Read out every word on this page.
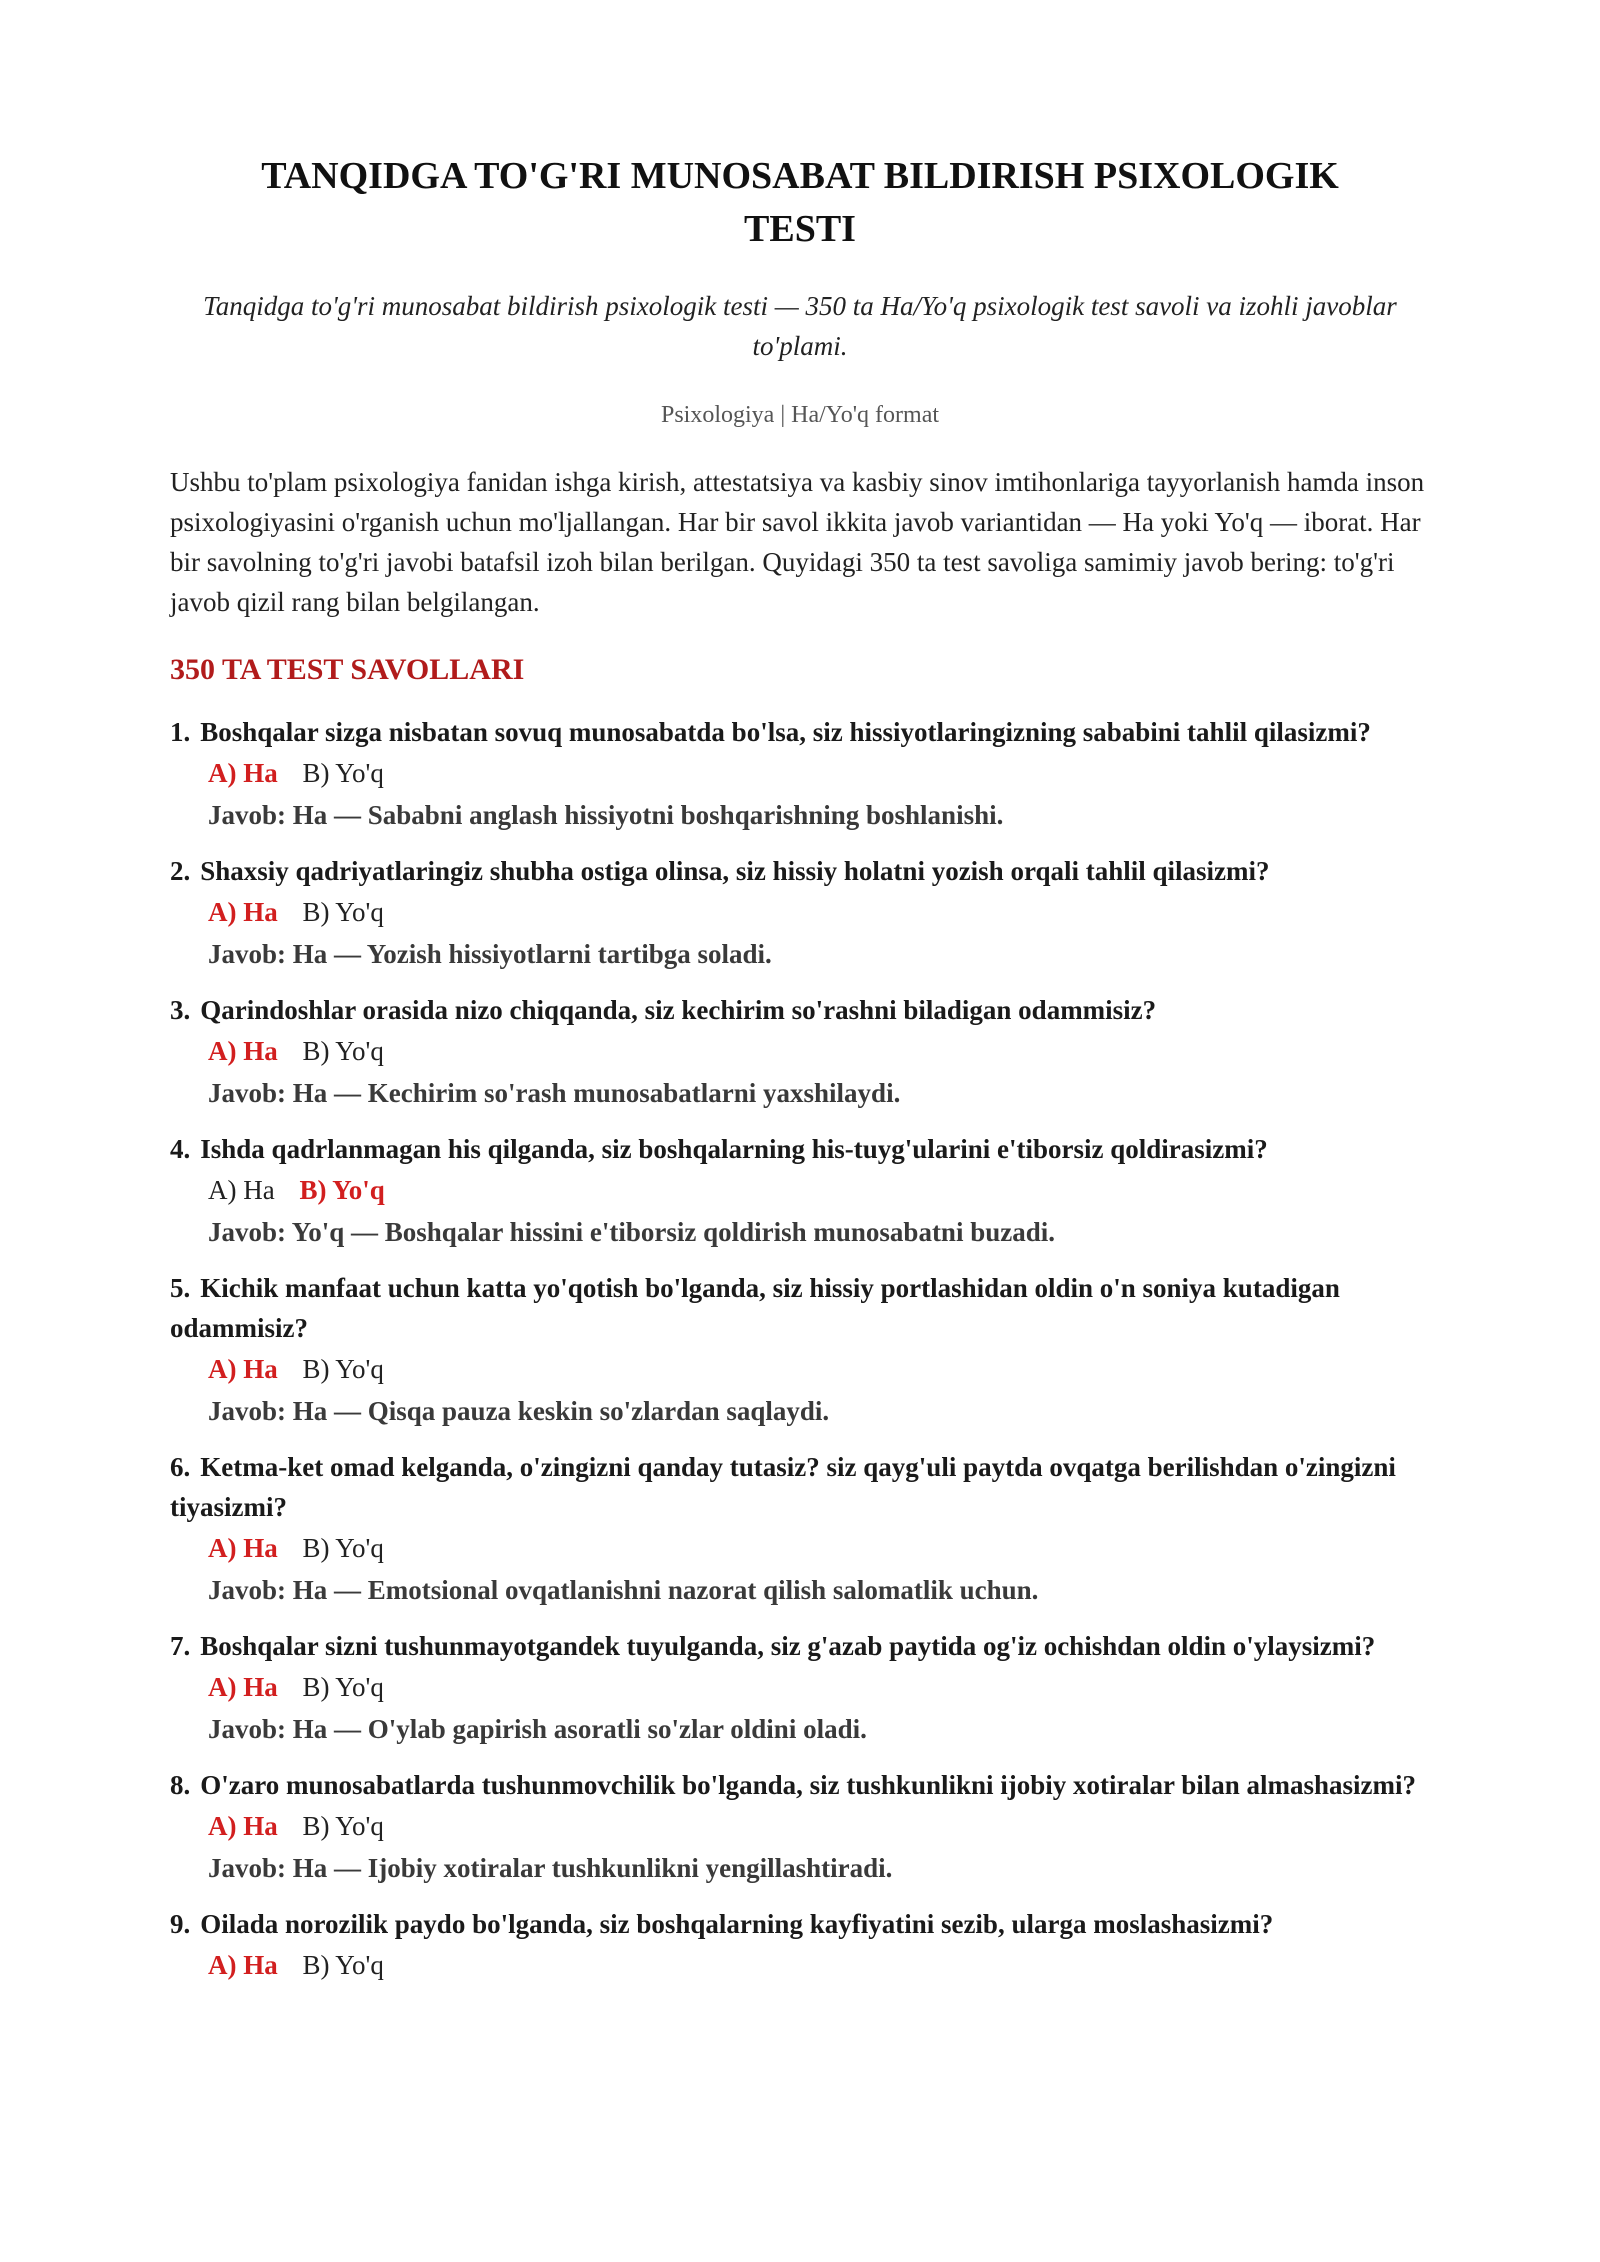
TANQIDGA TO'G'RI MUNOSABAT BILDIRISH PSIXOLOGIK TESTI

Tanqidga to'g'ri munosabat bildirish psixologik testi — 350 ta Ha/Yo'q psixologik test savoli va izohli javoblar to'plami.

Psixologiya | Ha/Yo'q format

Ushbu to'plam psixologiya fanidan ishga kirish, attestatsiya va kasbiy sinov imtihonlariga tayyorlanish hamda inson psixologiyasini o'rganish uchun mo'ljallangan. Har bir savol ikkita javob variantidan — Ha yoki Yo'q — iborat. Har bir savolning to'g'ri javobi batafsil izoh bilan berilgan. Quyidagi 350 ta test savoliga samimiy javob bering: to'g'ri javob qizil rang bilan belgilangan.

350 TA TEST SAVOLLARI
1. Boshqalar sizga nisbatan sovuq munosabatda bo'lsa, siz hissiyotlaringizning sababini tahlil qilasizmi?
A) Ha B) Yo'q
Javob: Ha — Sababni anglash hissiyotni boshqarishning boshlanishi.
2. Shaxsiy qadriyatlaringiz shubha ostiga olinsa, siz hissiy holatni yozish orqali tahlil qilasizmi?
A) Ha B) Yo'q
Javob: Ha — Yozish hissiyotlarni tartibga soladi.
3. Qarindoshlar orasida nizo chiqqanda, siz kechirim so'rashni biladigan odammisiz?
A) Ha B) Yo'q
Javob: Ha — Kechirim so'rash munosabatlarni yaxshilaydi.
4. Ishda qadrlanmagan his qilganda, siz boshqalarning his-tuyg'ularini e'tiborsiz qoldirasizmi?
A) Ha B) Yo'q
Javob: Yo'q — Boshqalar hissini e'tiborsiz qoldirish munosabatni buzadi.
5. Kichik manfaat uchun katta yo'qotish bo'lganda, siz hissiy portlashidan oldin o'n soniya kutadigan odammisiz?
A) Ha B) Yo'q
Javob: Ha — Qisqa pauza keskin so'zlardan saqlaydi.
6. Ketma-ket omad kelganda, o'zingizni qanday tutasiz? siz qayg'uli paytda ovqatga berilishdan o'zingizni tiyasizmi?
A) Ha B) Yo'q
Javob: Ha — Emotsional ovqatlanishni nazorat qilish salomatlik uchun.
7. Boshqalar sizni tushunmayotgandek tuyulganda, siz g'azab paytida og'iz ochishdan oldin o'ylaysizmi?
A) Ha B) Yo'q
Javob: Ha — O'ylab gapirish asoratli so'zlar oldini oladi.
8. O'zaro munosabatlarda tushunmovchilik bo'lganda, siz tushkunlikni ijobiy xotiralar bilan almashasizmi?
A) Ha B) Yo'q
Javob: Ha — Ijobiy xotiralar tushkunlikni yengillashtiradi.
9. Oilada norozilik paydo bo'lganda, siz boshqalarning kayfiyatini sezib, ularga moslashasizmi?
A) Ha B) Yo'q
